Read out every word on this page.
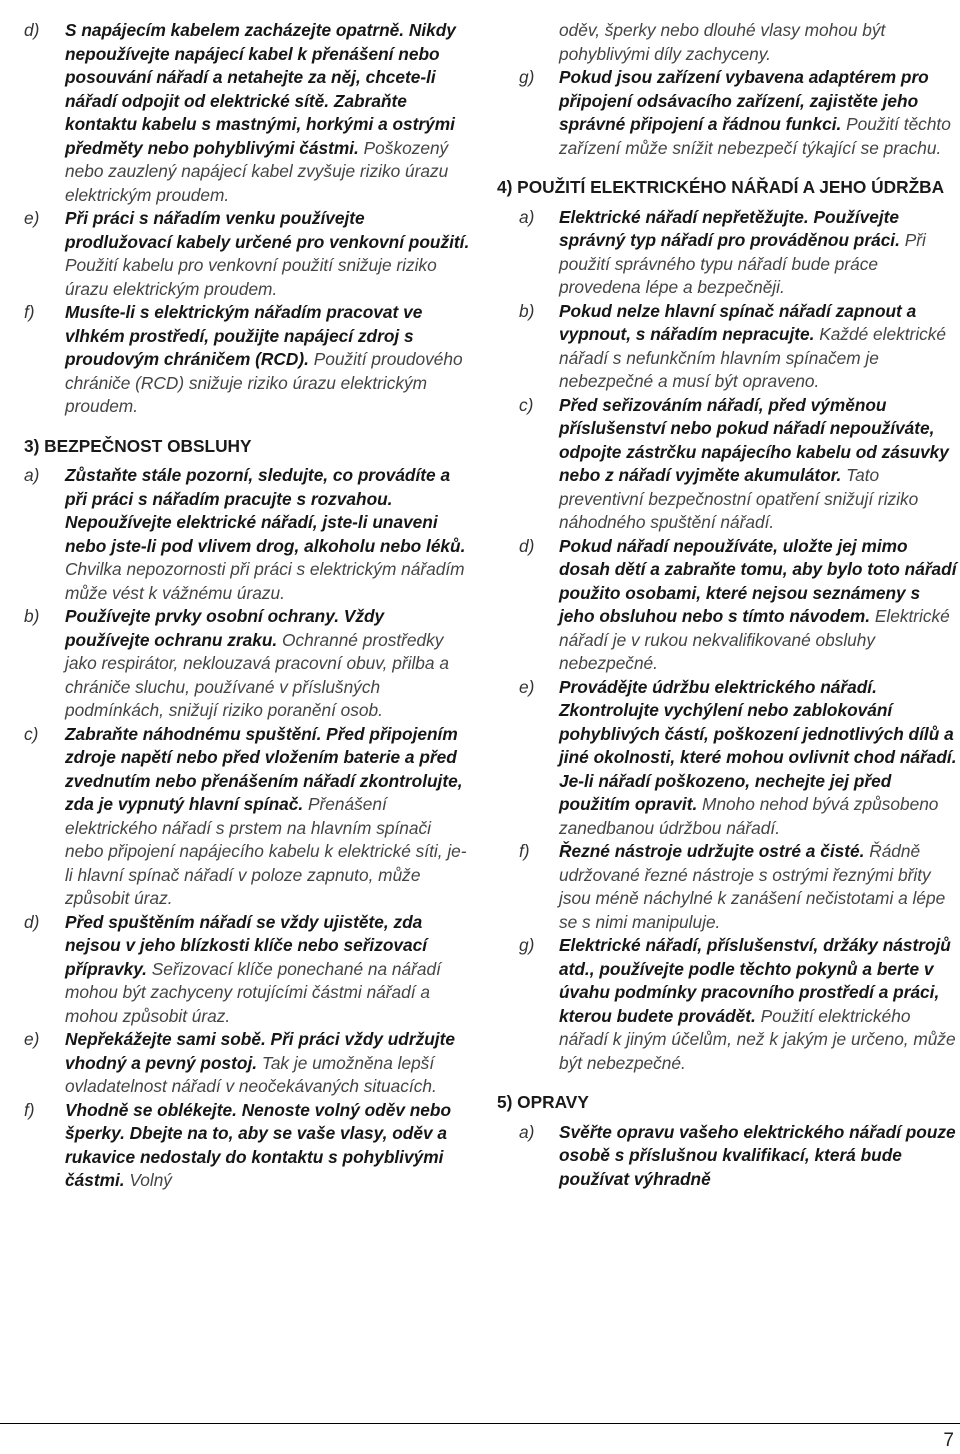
d) S napájecím kabelem zacházejte opatrně. Nikdy nepoužívejte napájecí kabel k přenášení nebo posouvání nářadí a netahejte za něj, chcete-li nářadí odpojit od elektrické sítě. Zabraňte kontaktu kabelu s mastnými, horkými a ostrými předměty nebo pohyblivými částmi. Poškozený nebo zauzlený napájecí kabel zvyšuje riziko úrazu elektrickým proudem.
e) Při práci s nářadím venku používejte prodlužovací kabely určené pro venkovní použití. Použití kabelu pro venkovní použití snižuje riziko úrazu elektrickým proudem.
f) Musíte-li s elektrickým nářadím pracovat ve vlhkém prostředí, použijte napájecí zdroj s proudovým chráničem (RCD). Použití proudového chrániče (RCD) snižuje riziko úrazu elektrickým proudem.
3) BEZPEČNOST OBSLUHY
a) Zůstaňte stále pozorní, sledujte, co provádíte a při práci s nářadím pracujte s rozvahou. Nepoužívejte elektrické nářadí, jste-li unaveni nebo jste-li pod vlivem drog, alkoholu nebo léků. Chvilka nepozornosti při práci s elektrickým nářadím může vést k vážnému úrazu.
b) Používejte prvky osobní ochrany. Vždy používejte ochranu zraku. Ochranné prostředky jako respirátor, neklouzavá pracovní obuv, přilba a chrániče sluchu, používané v příslušných podmínkách, snižují riziko poranění osob.
c) Zabraňte náhodnému spuštění. Před připojením zdroje napětí nebo před vložením baterie a před zvednutím nebo přenášením nářadí zkontrolujte, zda je vypnutý hlavní spínač. Přenášení elektrického nářadí s prstem na hlavním spínači nebo připojení napájecího kabelu k elektrické síti, je-li hlavní spínač nářadí v poloze zapnuto, může způsobit úraz.
d) Před spuštěním nářadí se vždy ujistěte, zda nejsou v jeho blízkosti klíče nebo seřizovací přípravky. Seřizovací klíče ponechané na nářadí mohou být zachyceny rotujícími částmi nářadí a mohou způsobit úraz.
e) Nepřekážejte sami sobě. Při práci vždy udržujte vhodný a pevný postoj. Tak je umožněna lepší ovladatelnost nářadí v neočekávaných situacích.
f) Vhodně se oblékejte. Nenoste volný oděv nebo šperky. Dbejte na to, aby se vaše vlasy, oděv a rukavice nedostaly do kontaktu s pohyblivými částmi. Volný
oděv, šperky nebo dlouhé vlasy mohou být pohyblivými díly zachyceny.
g) Pokud jsou zařízení vybavena adaptérem pro připojení odsávacího zařízení, zajistěte jeho správné připojení a řádnou funkci. Použití těchto zařízení může snížit nebezpečí týkající se prachu.
4) POUŽITÍ ELEKTRICKÉHO NÁŘADÍ A JEHO ÚDRŽBA
a) Elektrické nářadí nepřetěžujte. Používejte správný typ nářadí pro prováděnou práci. Při použití správného typu nářadí bude práce provedena lépe a bezpečněji.
b) Pokud nelze hlavní spínač nářadí zapnout a vypnout, s nářadím nepracujte. Každé elektrické nářadí s nefunkčním hlavním spínačem je nebezpečné a musí být opraveno.
c) Před seřizováním nářadí, před výměnou příslušenství nebo pokud nářadí nepoužíváte, odpojte zástrčku napájecího kabelu od zásuvky nebo z nářadí vyjměte akumulátor. Tato preventivní bezpečnostní opatření snižují riziko náhodného spuštění nářadí.
d) Pokud nářadí nepoužíváte, uložte jej mimo dosah dětí a zabraňte tomu, aby bylo toto nářadí použito osobami, které nejsou seznámeny s jeho obsluhou nebo s tímto návodem. Elektrické nářadí je v rukou nekvalifikované obsluhy nebezpečné.
e) Provádějte údržbu elektrického nářadí. Zkontrolujte vychýlení nebo zablokování pohyblivých částí, poškození jednotlivých dílů a jiné okolnosti, které mohou ovlivnit chod nářadí. Je-li nářadí poškozeno, nechejte jej před použitím opravit. Mnoho nehod bývá způsobeno zanedbanou údržbou nářadí.
f) Řezné nástroje udržujte ostré a čisté. Řádně udržované řezné nástroje s ostrými řeznými břity jsou méně náchylné k zanášení nečistotami a lépe se s nimi manipuluje.
g) Elektrické nářadí, příslušenství, držáky nástrojů atd., používejte podle těchto pokynů a berte v úvahu podmínky pracovního prostředí a práci, kterou budete provádět. Použití elektrického nářadí k jiným účelům, než k jakým je určeno, může být nebezpečné.
5) OPRAVY
a) Svěřte opravu vašeho elektrického nářadí pouze osobě s příslušnou kvalifikací, která bude používat výhradně
7
